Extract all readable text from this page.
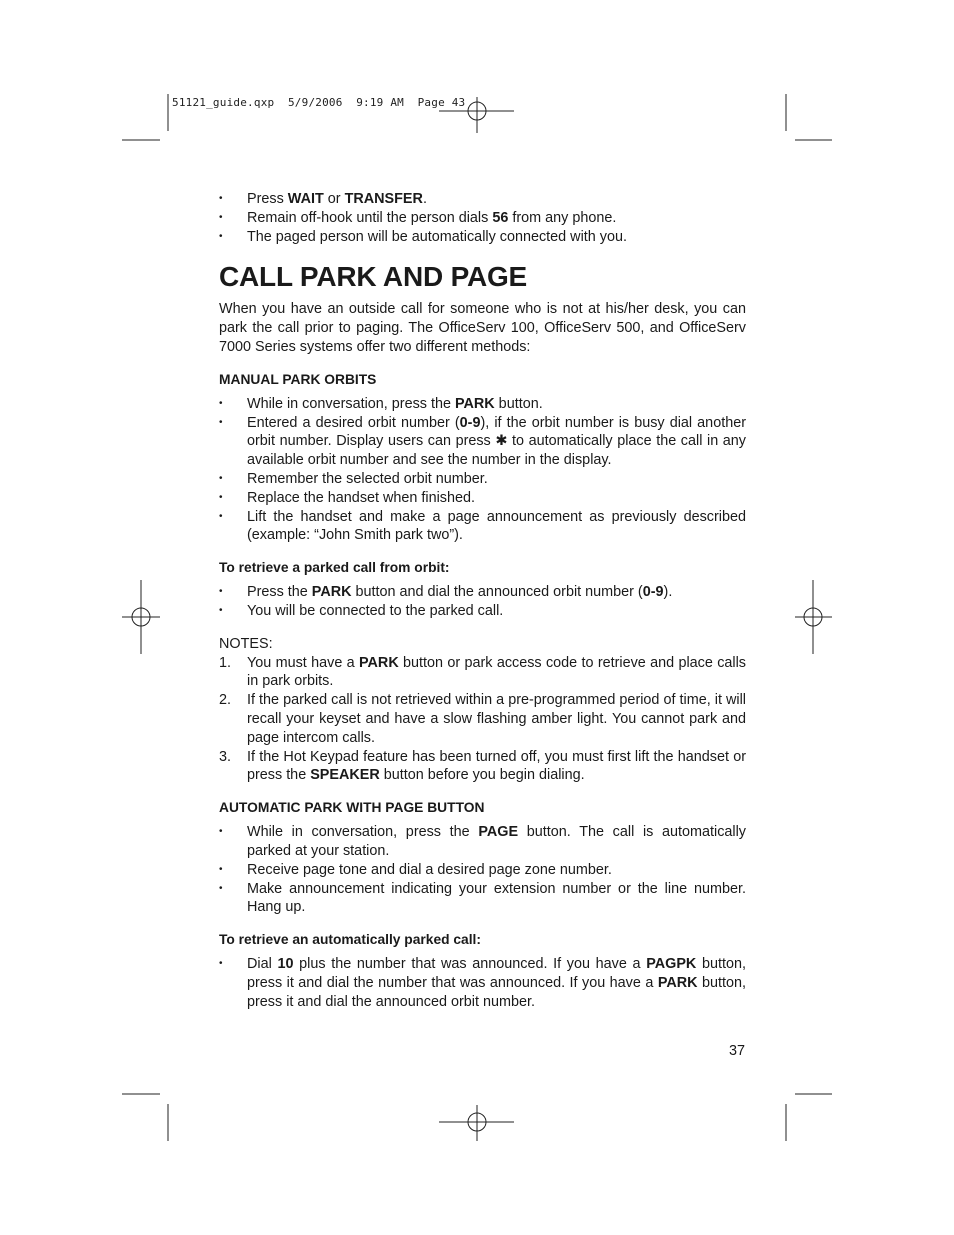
51121_guide.qxp  5/9/2006  9:19 AM  Page 43
• Press WAIT or TRANSFER.
• Remain off-hook until the person dials 56 from any phone.
• The paged person will be automatically connected with you.
CALL PARK AND PAGE

When you have an outside call for someone who is not at his/her desk, you can park the call prior to paging. The OfficeServ 100, OfficeServ 500, and OfficeServ 7000 Series systems offer two different methods:

MANUAL PARK ORBITS
• While in conversation, press the PARK button.
• Entered a desired orbit number (0-9), if the orbit number is busy dial another orbit number. Display users can press ✱ to automatically place the call in any available orbit number and see the number in the display.
• Remember the selected orbit number.
• Replace the handset when finished.
• Lift the handset and make a page announcement as previously described (example: “John Smith park two”).
To retrieve a parked call from orbit:
• Press the PARK button and dial the announced orbit number (0-9).
• You will be connected to the parked call.

NOTES:

1. You must have a PARK button or park access code to retrieve and place calls in park orbits.
2. If the parked call is not retrieved within a pre-programmed period of time, it will recall your keyset and have a slow flashing amber light. You cannot park and page intercom calls.
3. If the Hot Keypad feature has been turned off, you must first lift the handset or press the SPEAKER button before you begin dialing.
AUTOMATIC PARK WITH PAGE BUTTON
• While in conversation, press the PAGE button. The call is automatically parked at your station.
• Receive page tone and dial a desired page zone number.
• Make announcement indicating your extension number or the line number. Hang up.
To retrieve an automatically parked call:
• Dial 10 plus the number that was announced. If you have a PAGPK button, press it and dial the number that was announced. If you have a PARK button, press it and dial the announced orbit number.
37
